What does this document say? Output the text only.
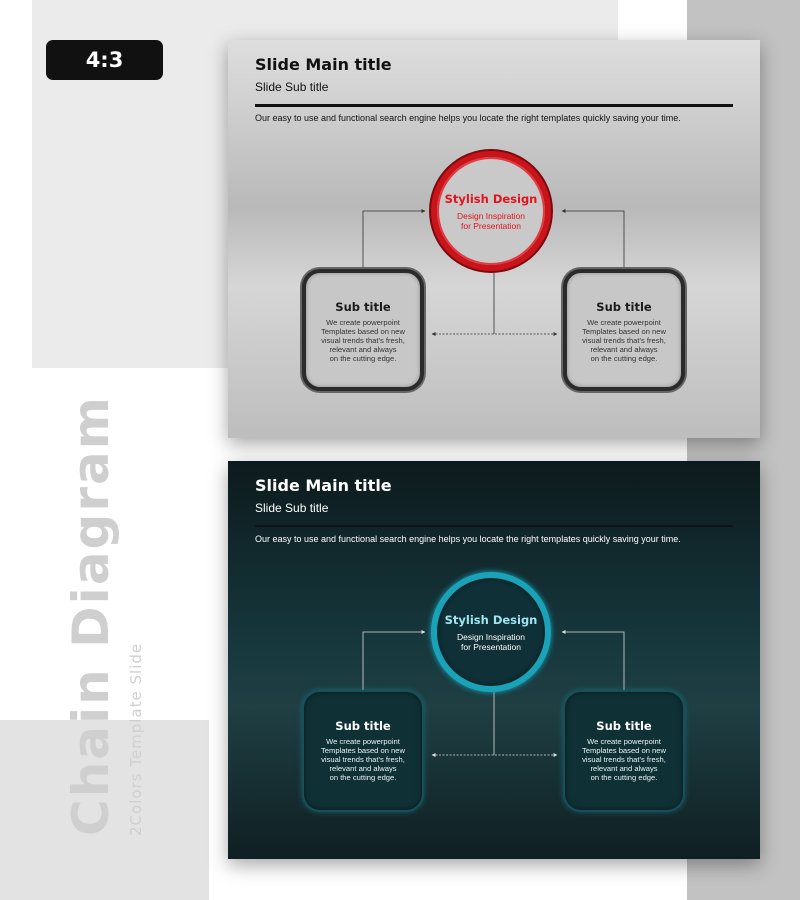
4:3
Chain Diagram 2Colors Template Slide
Slide Main title
Slide Sub title
Our easy to use and functional search engine helps you locate the right templates quickly saving your time.
Stylish Design
Design Inspiration
for Presentation
Sub title
We create powerpoint
Templates based on new
visual trends that's fresh,
relevant and always
on the cutting edge.
Sub title
We create powerpoint
Templates based on new
visual trends that's fresh,
relevant and always
on the cutting edge.
Slide Main title
Slide Sub title
Our easy to use and functional search engine helps you locate the right templates quickly saving your time.
Stylish Design
Design Inspiration
for Presentation
Sub title
We create powerpoint
Templates based on new
visual trends that's fresh,
relevant and always
on the cutting edge.
Sub title
We create powerpoint
Templates based on new
visual trends that's fresh,
relevant and always
on the cutting edge.
